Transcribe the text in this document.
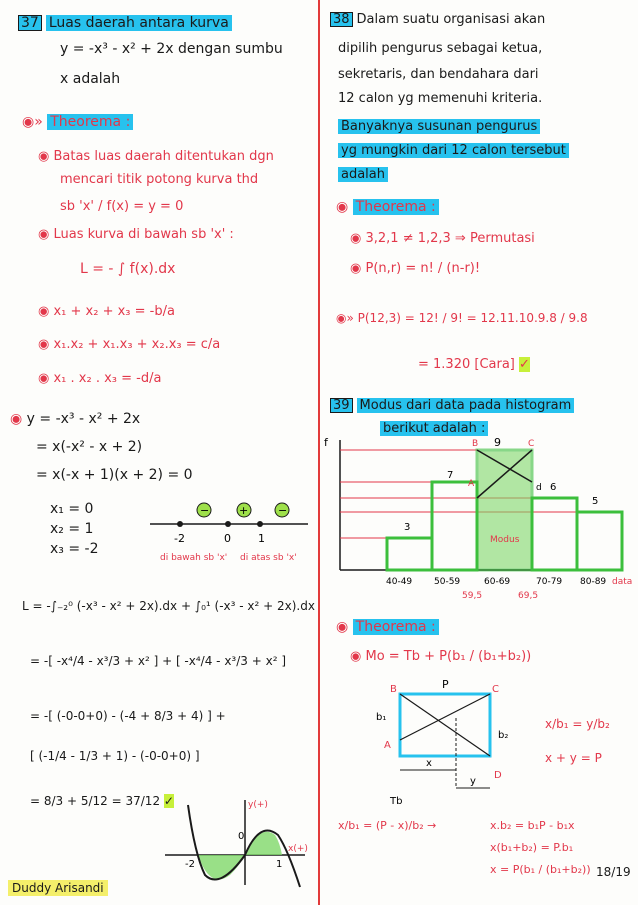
37 Luas daerah antara kurva
y = -x³ - x² + 2x dengan sumbu
x adalah
◉» Theorema :
◉ Batas luas daerah ditentukan dgn
mencari titik potong kurva thd
sb 'x' / f(x) = y = 0
◉ Luas kurva di bawah sb 'x' :
L = - ∫ f(x).dx
◉ x₁ + x₂ + x₃ = -b/a
◉ x₁.x₂ + x₁.x₃ + x₂.x₃ = c/a
◉ x₁ . x₂ . x₃ = -d/a
◉ y = -x³ - x² + 2x
= x(-x² - x + 2)
= x(-x + 1)(x + 2) = 0
x₁ = 0
x₂ = 1
x₃ = -2
−	+	−
-2	0 1
di bawah sb 'x' di atas sb 'x'
L = -∫₋₂⁰ (-x³ - x² + 2x).dx + ∫₀¹ (-x³ - x² + 2x).dx
= -[ -x⁴/4 - x³/3 + x² ] + [ -x⁴/4 - x³/3 + x² ]
= -[ (-0-0+0) - (-4 + 8/3 + 4) ] +
[ (-1/4 - 1/3 + 1) - (-0-0+0) ]
= 8/3 + 5/12 = 37/12 ✓	y(+)
-2
0
1
x(+)
Duddy Arisandi
38 Dalam suatu organisasi akan
dipilih pengurus sebagai ketua,
sekretaris, dan bendahara dari
12 calon yg memenuhi kriteria.
Banyaknya susunan pengurus
yg mungkin dari 12 calon tersebut
adalah
◉ Theorema :
◉ 3,2,1 ≠ 1,2,3 ⇒ Permutasi
◉ P(n,r) = n! / (n-r)!
◉» P(12,3) = 12! / 9! = 12.11.10.9.8 / 9.8
= 1.320 [Cara] ✓
39 Modus dari data pada histogram
berikut adalah :
f
3
7
9
6
5
B	C
A	d
Modus
40-49 50-59	60-69	70-79 80-89 data
59,5	69,5
◉ Theorema :
◉ Mo = Tb + P(b₁ / (b₁+b₂))
P
B	C
b₁
b₂
A
D
x
y
Tb
x/b₁ = y/b₂
x + y = P
x/b₁ = (P - x)/b₂ →	x.b₂ = b₁P - b₁x
x(b₁+b₂) = P.b₁
x = P(b₁ / (b₁+b₂)) 18/19
